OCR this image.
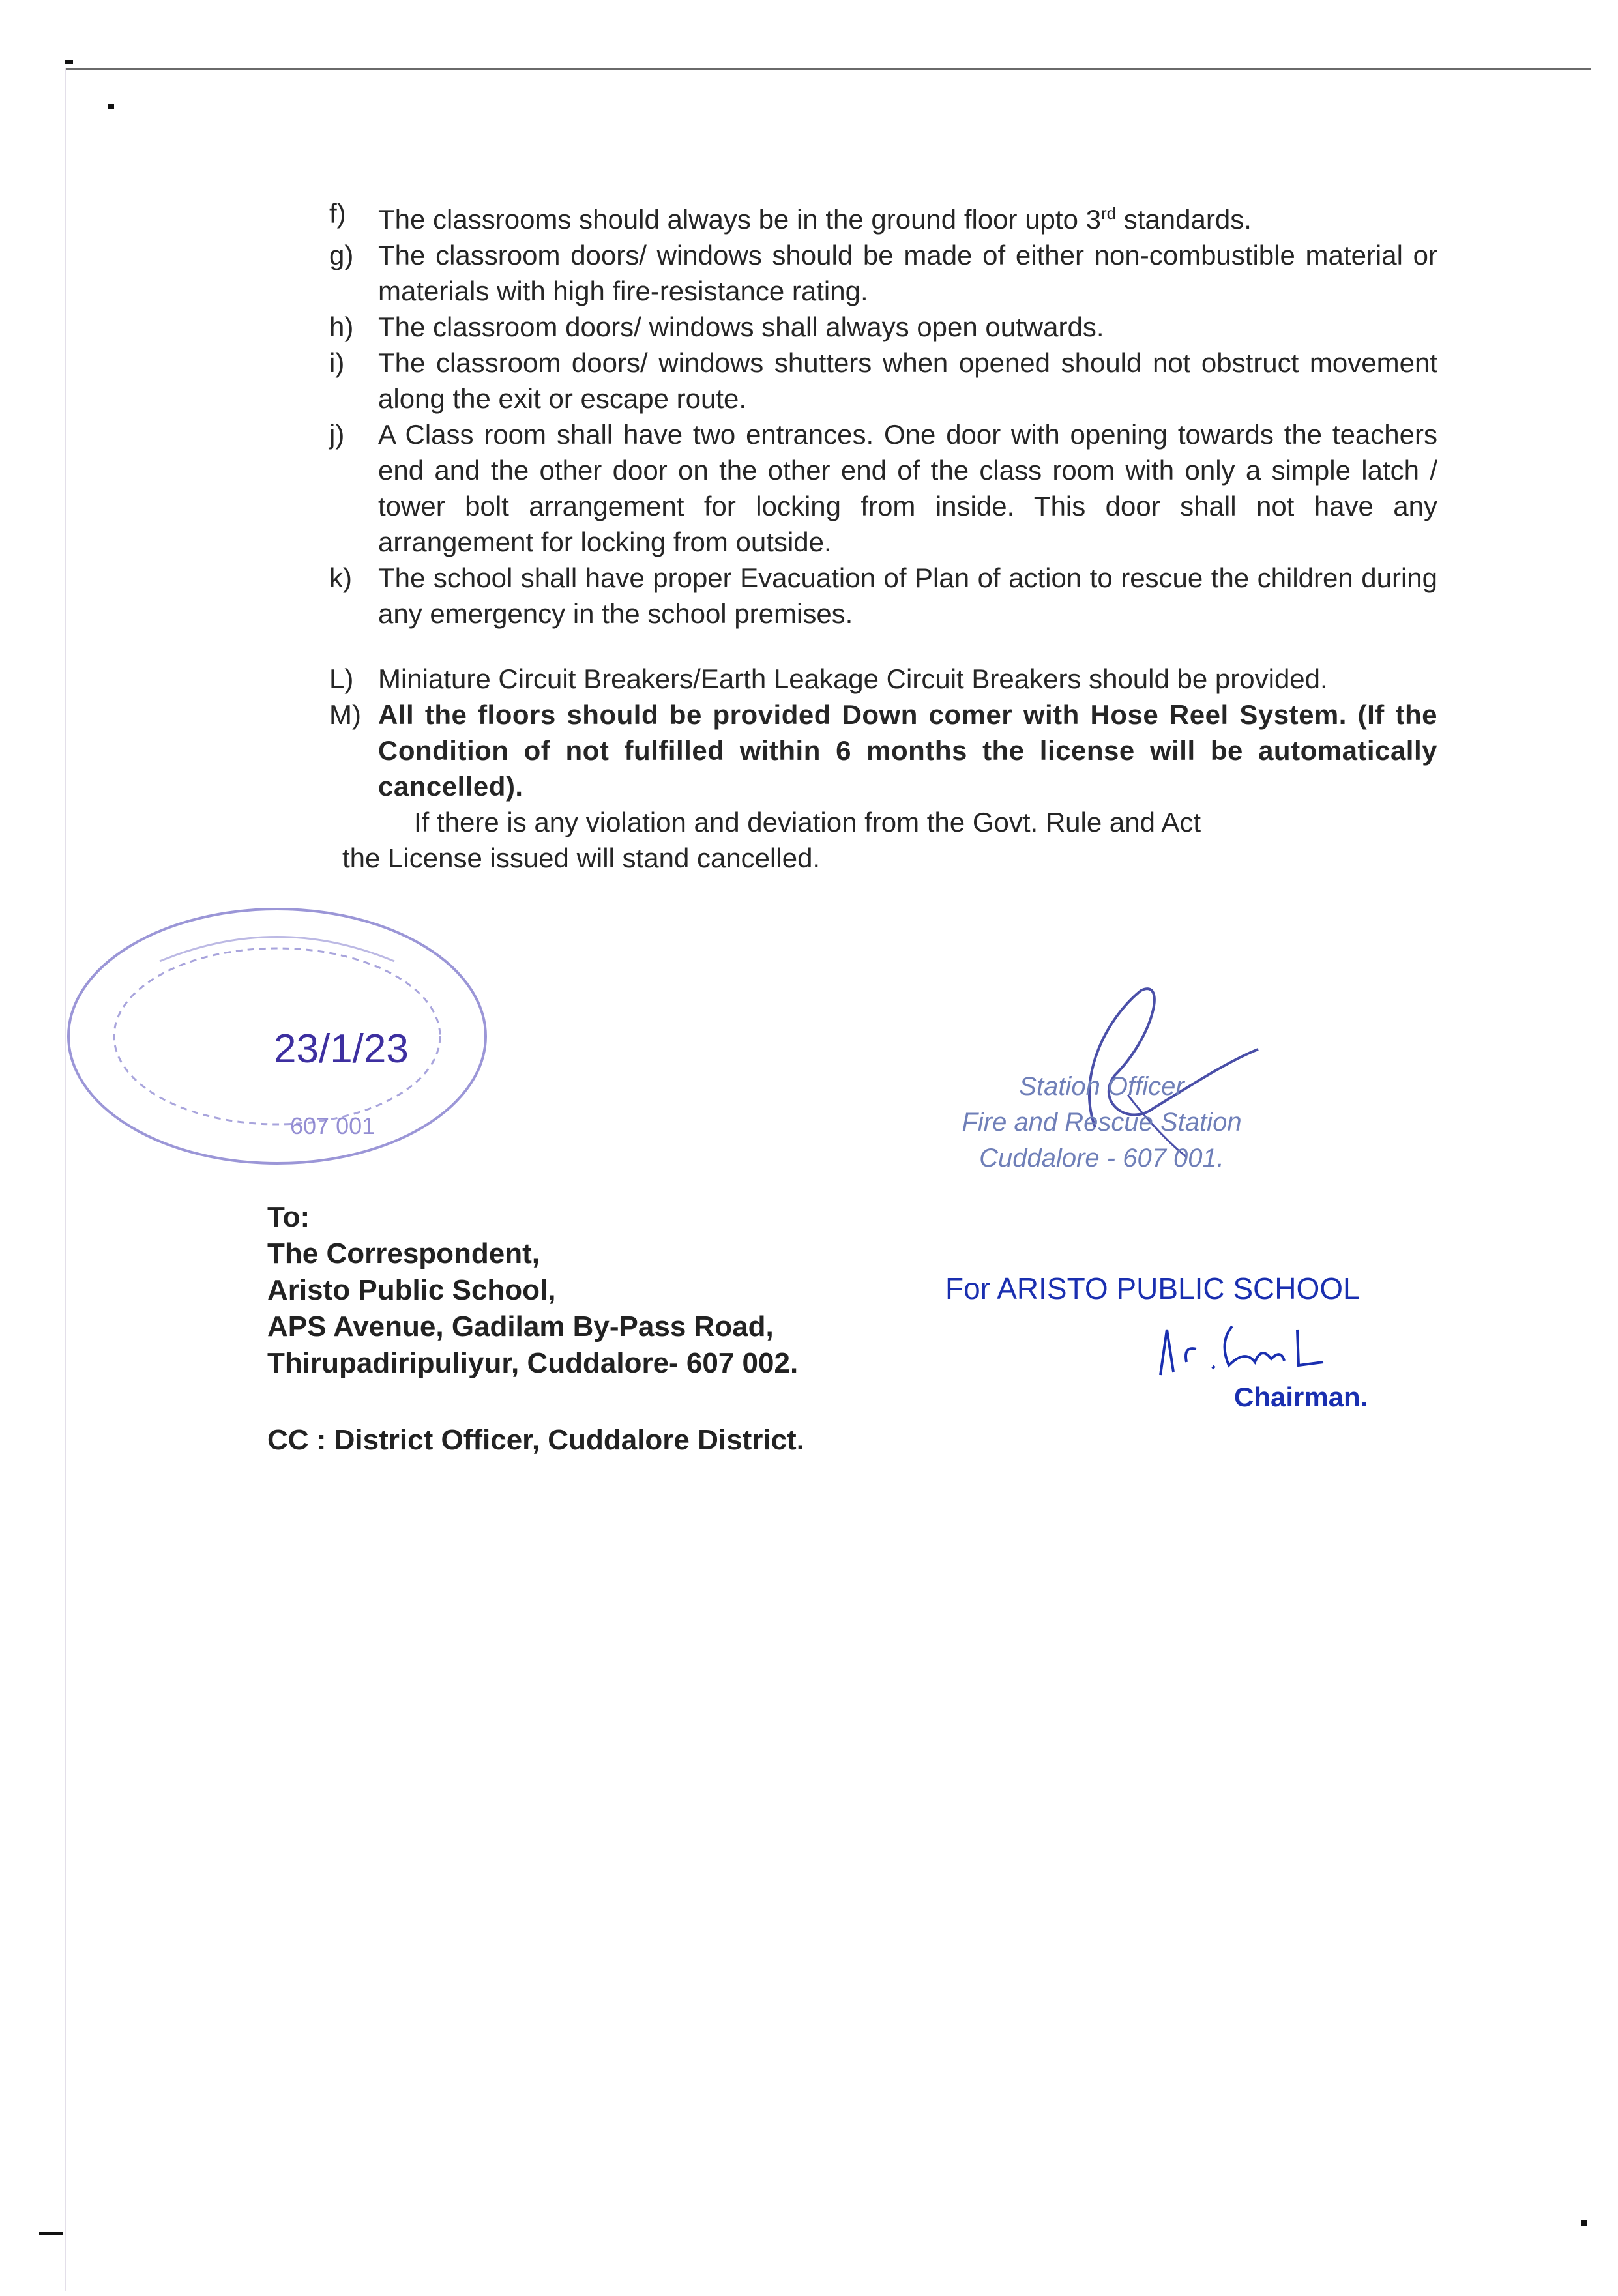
f)	The classrooms should always be in the ground floor upto 3rd standards.
g) The classroom doors/ windows should be made of either non-combustible material or materials with high fire-resistance rating.
h) The classroom doors/ windows shall always open outwards.
i)	The classroom doors/ windows shutters when opened should not obstruct movement along the exit or escape route.
j)	A Class room shall have two entrances. One door with opening towards the teachers end and the other door on the other end of the class room with only a simple latch / tower bolt arrangement for locking from inside. This door shall not have any arrangement for locking from outside.
k) The school shall have proper Evacuation of Plan of action to rescue the children during any emergency in the school premises.
L) Miniature Circuit Breakers/Earth Leakage Circuit Breakers should be provided.
M) All the floors should be provided Down comer with Hose Reel System. (If the Condition of not fulfilled within 6 months the license will be automatically cancelled).
If there is any violation and deviation from the Govt. Rule and Act
the License issued will stand cancelled.
23/1/23
607 001
Station Officer
Fire and Rescue Station
Cuddalore - 607 001.
To:
The Correspondent,
Aristo Public School,
APS Avenue, Gadilam By-Pass Road,
Thirupadiripuliyur, Cuddalore- 607 002.
CC : District Officer, Cuddalore District.
For ARISTO PUBLIC SCHOOL
Chairman.
